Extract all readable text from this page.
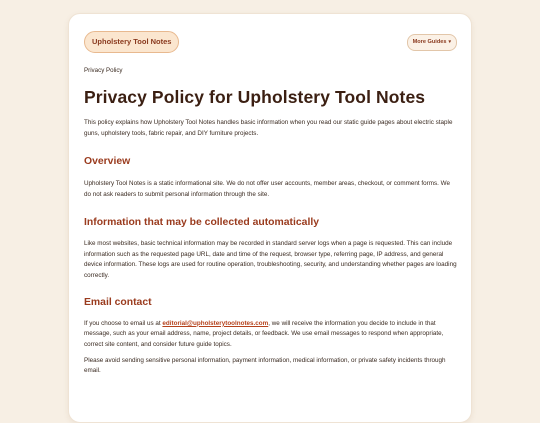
Upholstery Tool Notes	More Guides ▾
Privacy Policy
Privacy Policy for Upholstery Tool Notes

This policy explains how Upholstery Tool Notes handles basic information when you read our static guide pages about electric staple guns, upholstery tools, fabric repair, and DIY furniture projects.

Overview

Upholstery Tool Notes is a static informational site. We do not offer user accounts, member areas, checkout, or comment forms. We do not ask readers to submit personal information through the site.

Information that may be collected automatically

Like most websites, basic technical information may be recorded in standard server logs when a page is requested. This can include information such as the requested page URL, date and time of the request, browser type, referring page, IP address, and general device information. These logs are used for routine operation, troubleshooting, security, and understanding whether pages are loading correctly.

Email contact

If you choose to email us at editorial@upholsterytoolnotes.com, we will receive the information you decide to include in that message, such as your email address, name, project details, or feedback. We use email messages to respond when appropriate, correct site content, and consider future guide topics.

Please avoid sending sensitive personal information, payment information, medical information, or private safety incidents through email.
